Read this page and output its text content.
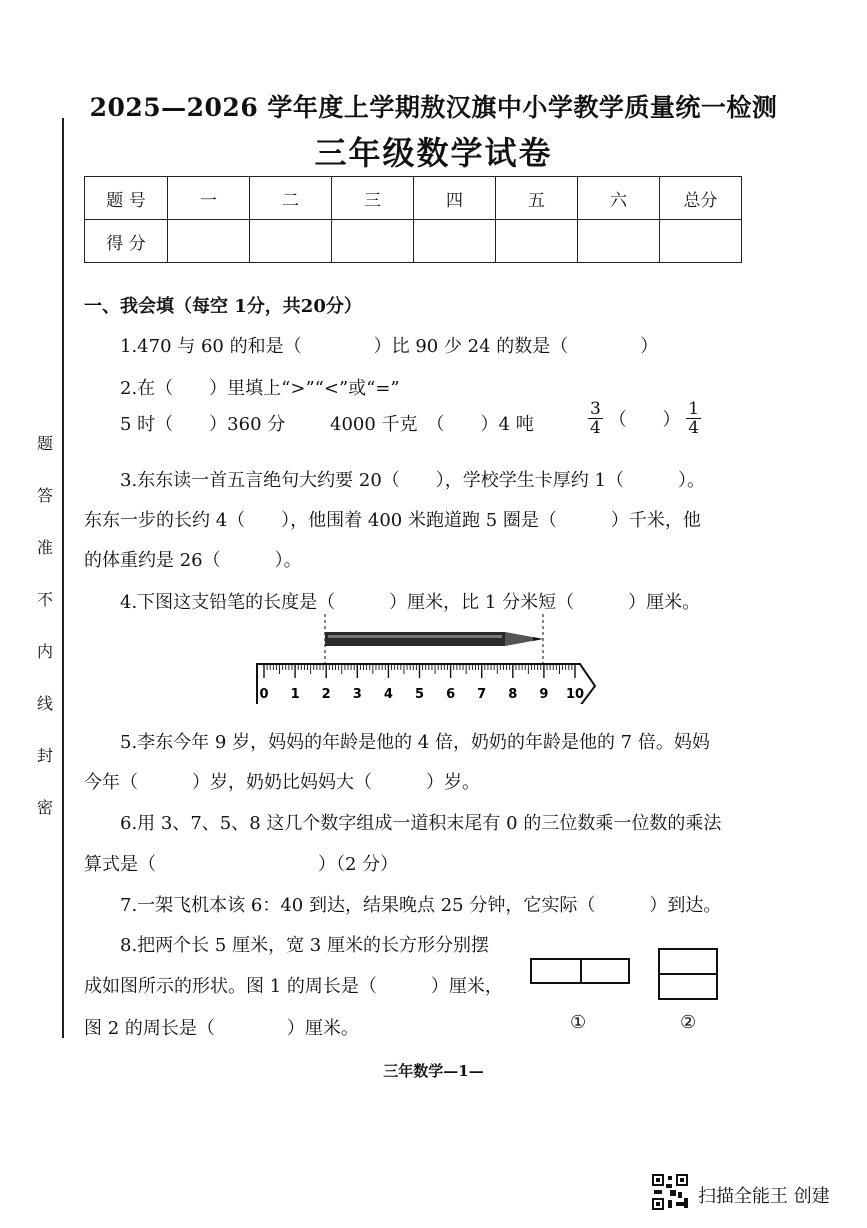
2025—2026 学年度上学期敖汉旗中小学教学质量统一检测
三年级数学试卷
题
答
准
不
内
线
封
密
题 号	一	二	三	四	五	六	总分
得 分							
一、我会填（每空 1分，共20分）
1.470 与 60 的和是（　　　　）比 90 少 24 的数是（　　　　）
2.在（　　）里填上“>”“<”或“=”
5 时（　　）360 分 4000 千克　（　　）4 吨	$\frac{3}{4}$ （　　） $\frac{1}{4}$
3.东东读一首五言绝句大约要 20（　　），学校学生卡厚约 1（　　　）。
东东一步的长约 4（　　），他围着 400 米跑道跑 5 圈是（　　　）千米，他
的体重约是 26（　　　）。
4.下图这支铅笔的长度是（　　　）厘米，比 1 分米短（　　　）厘米。
0 1 2 3 4 5 6 7 8 9 10
5.李东今年 9 岁，妈妈的年龄是他的 4 倍，奶奶的年龄是他的 7 倍。妈妈
今年（　　　）岁，奶奶比妈妈大（　　　）岁。
6.用 3、7、5、8 这几个数字组成一道积末尾有 0 的三位数乘一位数的乘法
算式是（　　　　　　　　　）（2 分）
7.一架飞机本该 6：40 到达，结果晚点 25 分钟，它实际（　　　）到达。
8.把两个长 5 厘米，宽 3 厘米的长方形分别摆
成如图所示的形状。图 1 的周长是（　　　）厘米，
图 2 的周长是（　　　　）厘米。	①	②
三年数学—1—
扫描全能王 创建
